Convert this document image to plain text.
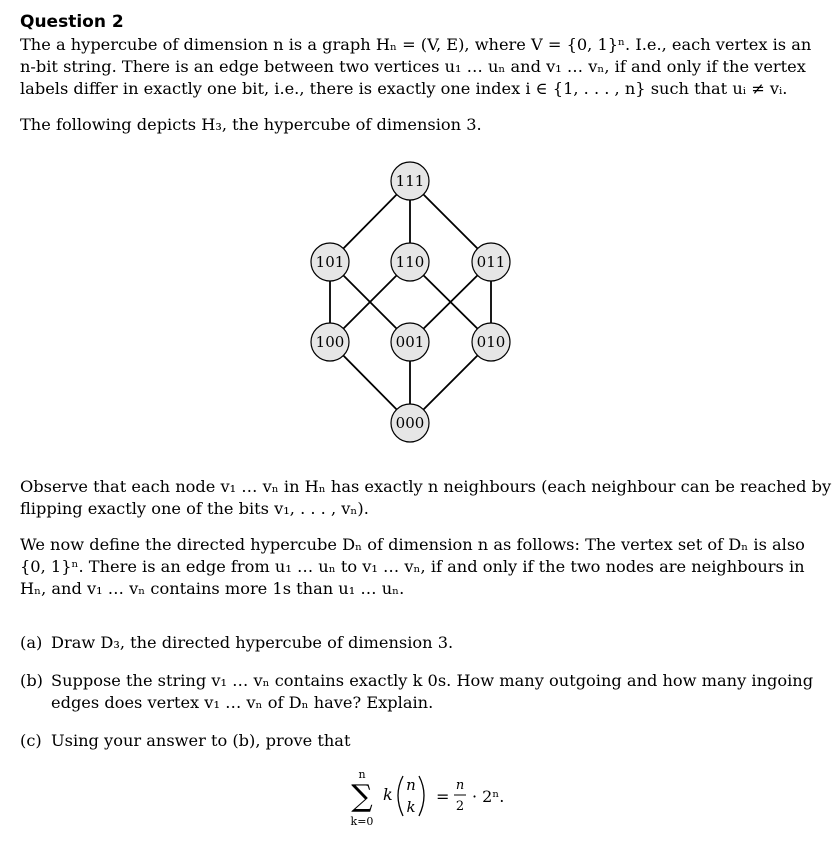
Question 2
The a hypercube of dimension n is a graph Hₙ = (V, E), where V = {0, 1}ⁿ. I.e., each vertex is an
n-bit string. There is an edge between two vertices u₁ … uₙ and v₁ … vₙ, if and only if the vertex
labels differ in exactly one bit, i.e., there is exactly one index i ∈ {1, . . . , n} such that uᵢ ≠ vᵢ.
The following depicts H₃, the hypercube of dimension 3.
Observe that each node v₁ … vₙ in Hₙ has exactly n neighbours (each neighbour can be reached by
flipping exactly one of the bits v₁, . . . , vₙ).
We now define the directed hypercube Dₙ of dimension n as follows: The vertex set of Dₙ is also
{0, 1}ⁿ. There is an edge from u₁ … uₙ to v₁ … vₙ, if and only if the two nodes are neighbours in
Hₙ, and v₁ … vₙ contains more 1s than u₁ … uₙ.
(a) Draw D₃, the directed hypercube of dimension 3.
(b) Suppose the string v₁ … vₙ contains exactly k 0s. How many outgoing and how many ingoing
edges does vertex v₁ … vₙ of Dₙ have? Explain.
(c) Using your answer to (b), prove that
111
101	110	011
100	001	010
000
n
∑
k=0
k n
k
=
n
2
· 2ⁿ.
